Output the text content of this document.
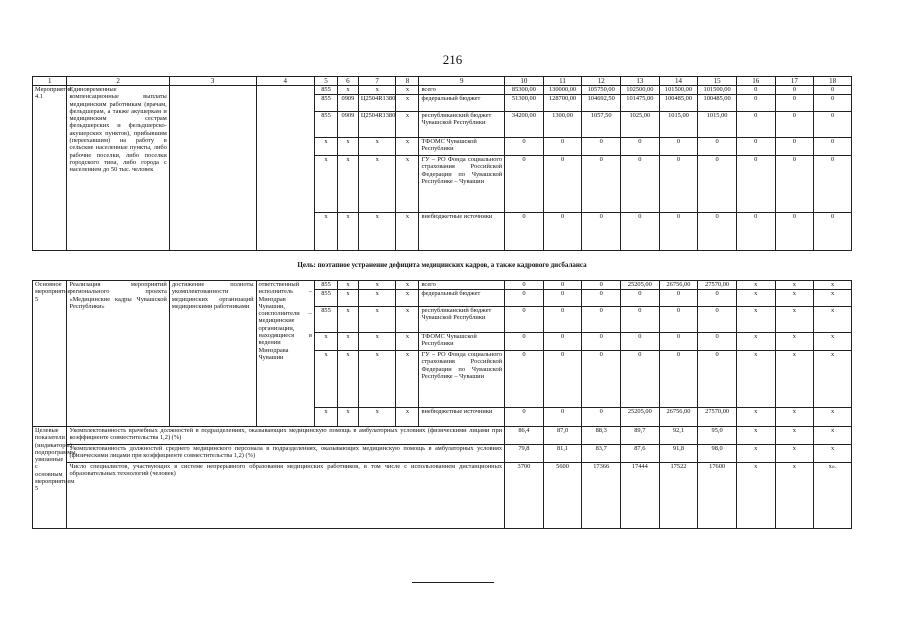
216
1	2	3	4	5	6	7	8	9	10	11	12	13	14	15	16	17	18
Мероприятие 4.1	Единовременные компенсационные выплаты медицинским работникам (врачам, фельдшерам, а также акушеркам и медицинским сестрам фельдшерских и фельдшерско-акушерских пунктов), прибывшим (переехавшим) на работу в сельские населенные пункты, либо рабочие поселки, либо поселки городского типа, либо города с населением до 50 тыс. человек			855	x	x	x	всего	85300,00	130000,00	105750,00	102500,00	101500,00	101500,00	0	0	0
				855	0909	Ц2504R1380	x	федеральный бюджет	51300,00	128700,00	104692,50	101475,00	100485,00	100485,00	0	0	0
				855	0909	Ц2504R1380	x	республиканский бюджет Чувашской Республики	34200,00	1300,00	1057,50	1025,00	1015,00	1015,00	0	0	0
				x	x	x	x	ТФОМС Чувашской Республики	0	0	0	0	0	0	0	0	0
				x	x	x	x	ГУ – РО Фонда социального страхования Российской Федерации по Чувашской Республике – Чувашии	0	0	0	0	0	0	0	0	0
				x	x	x	x	внебюджетные источники	0	0	0	0	0	0	0	0	0
Цель: поэтапное устранение дефицита медицинских кадров, а также кадрового дисбаланса																	
Основное мероприятие 5	Реализация мероприятий регионального проекта «Медицинские кадры Чувашской Республики»	достижение полноты укомплектованности медицинских организаций медицинскими работниками	ответственный исполнитель – Минздрав Чувашии, соисполнители – медицинские организации, находящиеся в ведении Минздрава Чувашии	855	x	x	x	всего	0	0	0	25205,00	26756,00	27570,00	x	x	x
				855	x	x	x	федеральный бюджет	0	0	0	0	0	0	x	x	x
				855	x	x	x	республиканский бюджет Чувашской Республики	0	0	0	0	0	0	x	x	x
				x	x	x	x	ТФОМС Чувашской Республики	0	0	0	0	0	0	x	x	x
				x	x	x	x	ГУ – РО Фонда социального страхования Российской Федерации по Чувашской Республике – Чувашии	0	0	0	0	0	0	x	x	x
				x	x	x	x	внебюджетные источники	0	0	0	25205,00	26756,00	27570,00	x	x	x
Целевые показатели (индикаторы) подпрограммы, увязанные с основным мероприятием 5	Укомплектованность врачебных должностей в подразделениях, оказывающих медицинскую помощь в амбулаторных условиях (физическими лицами при коэффициенте совместительства 1,2) (%)								86,4	87,0	88,3	89,7	92,1	95,0	x	x	x
	Укомплектованность должностей среднего медицинского персонала в подразделениях, оказывающих медицинскую помощь в амбулаторных условиях (физическими лицами при коэффициенте совместительства 1,2) (%)								79,8	81,1	83,7	87,6	91,8	98,0	x	x	x
	Число специалистов, участвующих в системе непрерывного образования медицинских работников, в том числе с использованием дистанционных образовательных технологий (человек)								3700	5600	17366	17444	17522	17600	x	x	x».
